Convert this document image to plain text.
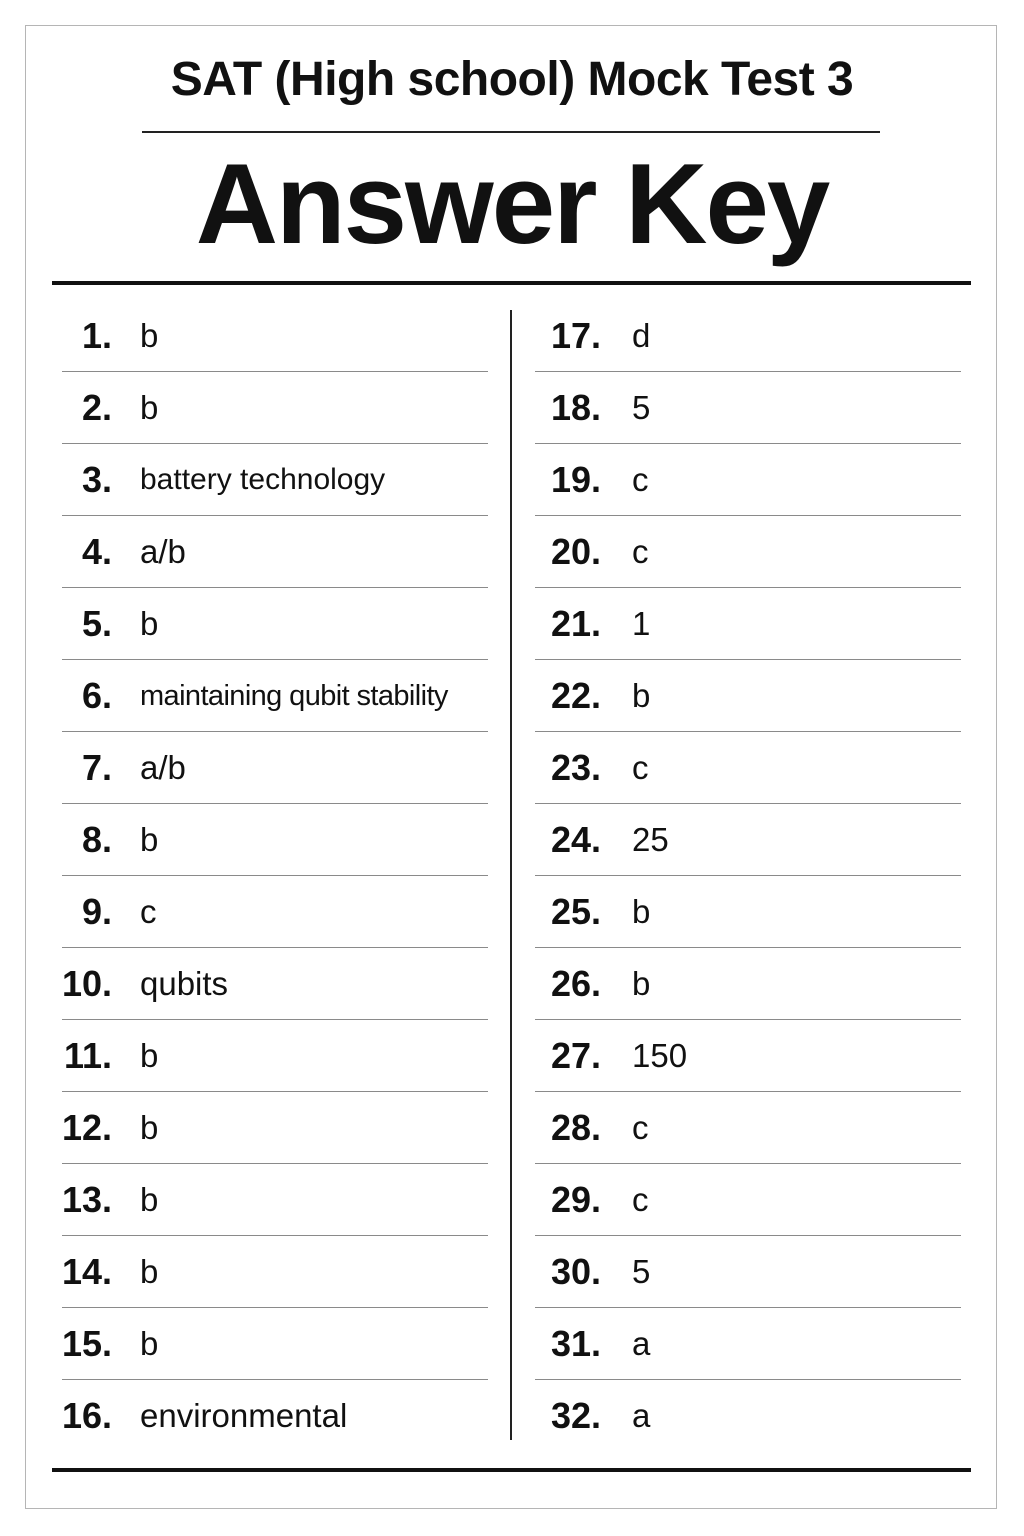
SAT (High school) Mock Test 3
Answer Key
1. b
2. b
3. battery technology
4. a/b
5. b
6. maintaining qubit stability
7. a/b
8. b
9. c
10. qubits
11. b
12. b
13. b
14. b
15. b
16. environmental
17. d
18. 5
19. c
20. c
21. 1
22. b
23. c
24. 25
25. b
26. b
27. 150
28. c
29. c
30. 5
31. a
32. a
